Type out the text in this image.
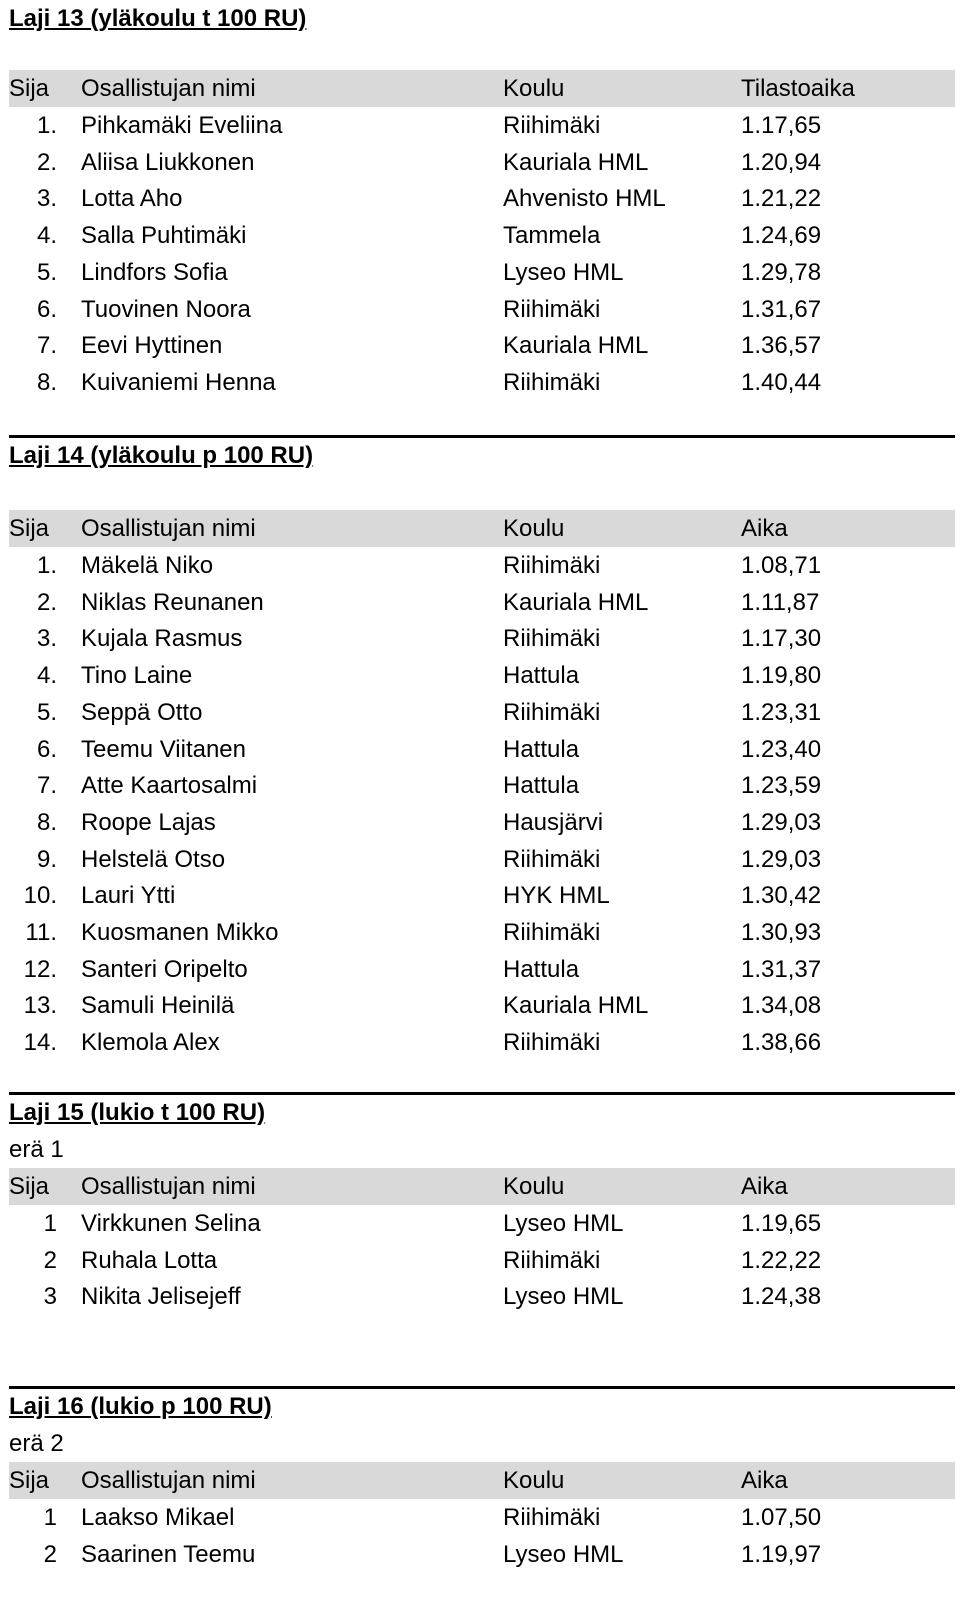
Laji 13 (yläkoulu t 100 RU)
Sija	Osallistujan nimi	Koulu	Tilastoaika
1. Pihkamäki Eveliina	Riihimäki	1.17,65
2. Aliisa Liukkonen	Kauriala HML	1.20,94
3. Lotta Aho	Ahvenisto HML	1.21,22
4. Salla Puhtimäki	Tammela	1.24,69
5. Lindfors Sofia	Lyseo HML	1.29,78
6. Tuovinen Noora	Riihimäki	1.31,67
7. Eevi Hyttinen	Kauriala HML	1.36,57
8. Kuivaniemi Henna	Riihimäki	1.40,44
Laji 14 (yläkoulu p 100 RU)
Sija	Osallistujan nimi	Koulu	Aika
1. Mäkelä Niko	Riihimäki	1.08,71
2. Niklas Reunanen	Kauriala HML	1.11,87
3. Kujala Rasmus	Riihimäki	1.17,30
4. Tino Laine	Hattula	1.19,80
5. Seppä Otto	Riihimäki	1.23,31
6. Teemu Viitanen	Hattula	1.23,40
7. Atte Kaartosalmi	Hattula	1.23,59
8. Roope Lajas	Hausjärvi	1.29,03
9. Helstelä Otso	Riihimäki	1.29,03
10. Lauri Ytti	HYK HML	1.30,42
11. Kuosmanen Mikko	Riihimäki	1.30,93
12. Santeri Oripelto	Hattula	1.31,37
13. Samuli Heinilä	Kauriala HML	1.34,08
14. Klemola Alex	Riihimäki	1.38,66
Laji 15 (lukio t 100 RU)
erä 1
Sija	Osallistujan nimi	Koulu	Aika
1 Virkkunen Selina	Lyseo HML	1.19,65
2 Ruhala Lotta	Riihimäki	1.22,22
3 Nikita Jelisejeff	Lyseo HML	1.24,38
Laji 16 (lukio p 100 RU)
erä 2
Sija	Osallistujan nimi	Koulu	Aika
1 Laakso Mikael	Riihimäki	1.07,50
2 Saarinen Teemu	Lyseo HML	1.19,97
